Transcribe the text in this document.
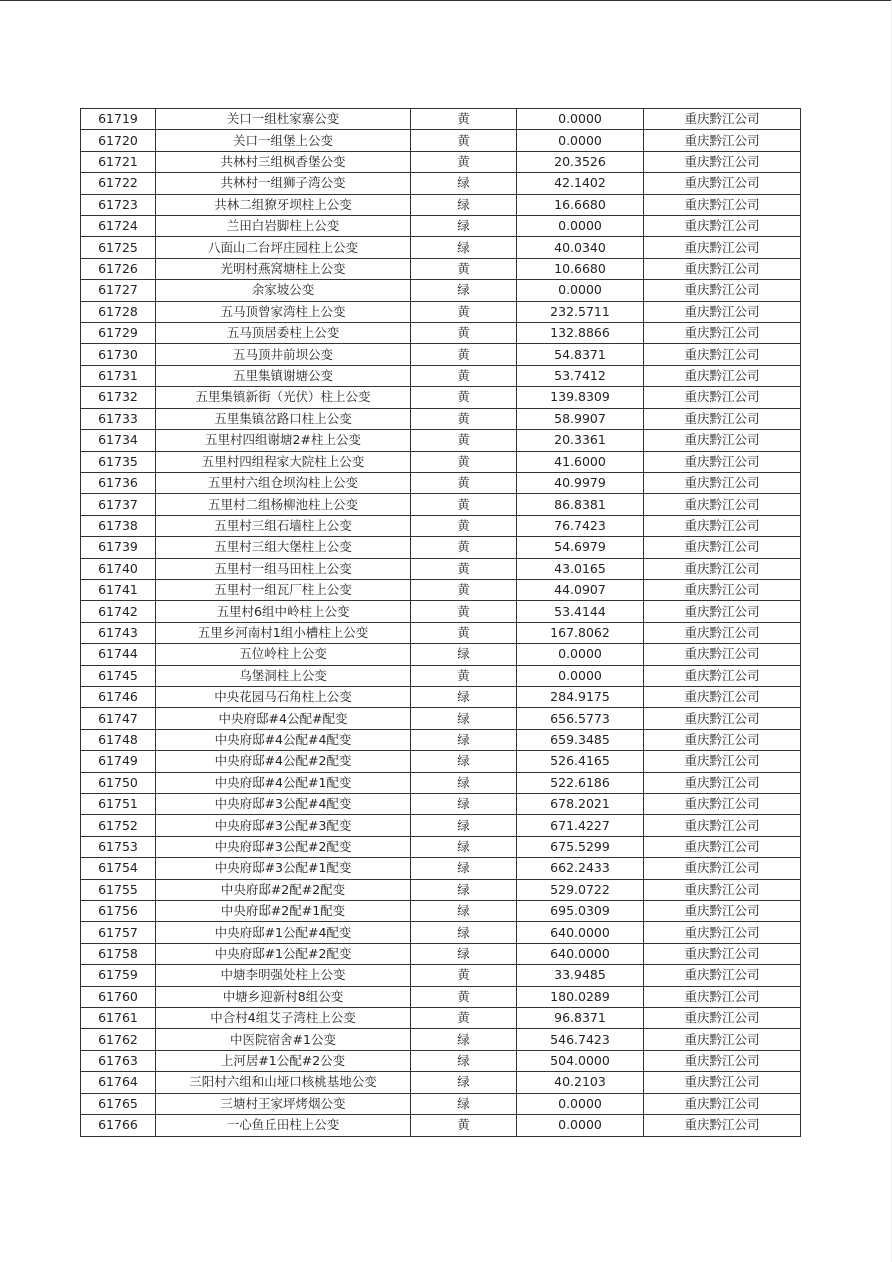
61719	关口一组杜家寨公变	黄	0.0000	重庆黔江公司
61720	关口一组堡上公变	黄	0.0000	重庆黔江公司
61721	共林村三组枫香堡公变	黄	20.3526	重庆黔江公司
61722	共林村一组狮子湾公变	绿	42.1402	重庆黔江公司
61723	共林二组獠牙坝柱上公变	绿	16.6680	重庆黔江公司
61724	兰田白岩脚柱上公变	绿	0.0000	重庆黔江公司
61725	八面山二台坪庄园柱上公变	绿	40.0340	重庆黔江公司
61726	光明村燕窝塘柱上公变	黄	10.6680	重庆黔江公司
61727	余家坡公变	绿	0.0000	重庆黔江公司
61728	五马顶曾家湾柱上公变	黄	232.5711	重庆黔江公司
61729	五马顶居委柱上公变	黄	132.8866	重庆黔江公司
61730	五马顶井前坝公变	黄	54.8371	重庆黔江公司
61731	五里集镇谢塘公变	黄	53.7412	重庆黔江公司
61732	五里集镇新街（光伏）柱上公变	黄	139.8309	重庆黔江公司
61733	五里集镇岔路口柱上公变	黄	58.9907	重庆黔江公司
61734	五里村四组谢塘2#柱上公变	黄	20.3361	重庆黔江公司
61735	五里村四组程家大院柱上公变	黄	41.6000	重庆黔江公司
61736	五里村六组仓坝沟柱上公变	黄	40.9979	重庆黔江公司
61737	五里村二组杨柳池柱上公变	黄	86.8381	重庆黔江公司
61738	五里村三组石墙柱上公变	黄	76.7423	重庆黔江公司
61739	五里村三组大堡柱上公变	黄	54.6979	重庆黔江公司
61740	五里村一组马田柱上公变	黄	43.0165	重庆黔江公司
61741	五里村一组瓦厂柱上公变	黄	44.0907	重庆黔江公司
61742	五里村6组中岭柱上公变	黄	53.4144	重庆黔江公司
61743	五里乡河南村1组小槽柱上公变	黄	167.8062	重庆黔江公司
61744	五位岭柱上公变	绿	0.0000	重庆黔江公司
61745	乌堡洞柱上公变	黄	0.0000	重庆黔江公司
61746	中央花园马石角柱上公变	绿	284.9175	重庆黔江公司
61747	中央府邸#4公配#配变	绿	656.5773	重庆黔江公司
61748	中央府邸#4公配#4配变	绿	659.3485	重庆黔江公司
61749	中央府邸#4公配#2配变	绿	526.4165	重庆黔江公司
61750	中央府邸#4公配#1配变	绿	522.6186	重庆黔江公司
61751	中央府邸#3公配#4配变	绿	678.2021	重庆黔江公司
61752	中央府邸#3公配#3配变	绿	671.4227	重庆黔江公司
61753	中央府邸#3公配#2配变	绿	675.5299	重庆黔江公司
61754	中央府邸#3公配#1配变	绿	662.2433	重庆黔江公司
61755	中央府邸#2配#2配变	绿	529.0722	重庆黔江公司
61756	中央府邸#2配#1配变	绿	695.0309	重庆黔江公司
61757	中央府邸#1公配#4配变	绿	640.0000	重庆黔江公司
61758	中央府邸#1公配#2配变	绿	640.0000	重庆黔江公司
61759	中塘李明强处柱上公变	黄	33.9485	重庆黔江公司
61760	中塘乡迎新村8组公变	黄	180.0289	重庆黔江公司
61761	中合村4组艾子湾柱上公变	黄	96.8371	重庆黔江公司
61762	中医院宿舍#1公变	绿	546.7423	重庆黔江公司
61763	上河居#1公配#2公变	绿	504.0000	重庆黔江公司
61764	三阳村六组和山垭口核桃基地公变	绿	40.2103	重庆黔江公司
61765	三塘村王家坪烤烟公变	绿	0.0000	重庆黔江公司
61766	一心鱼丘田柱上公变	黄	0.0000	重庆黔江公司
